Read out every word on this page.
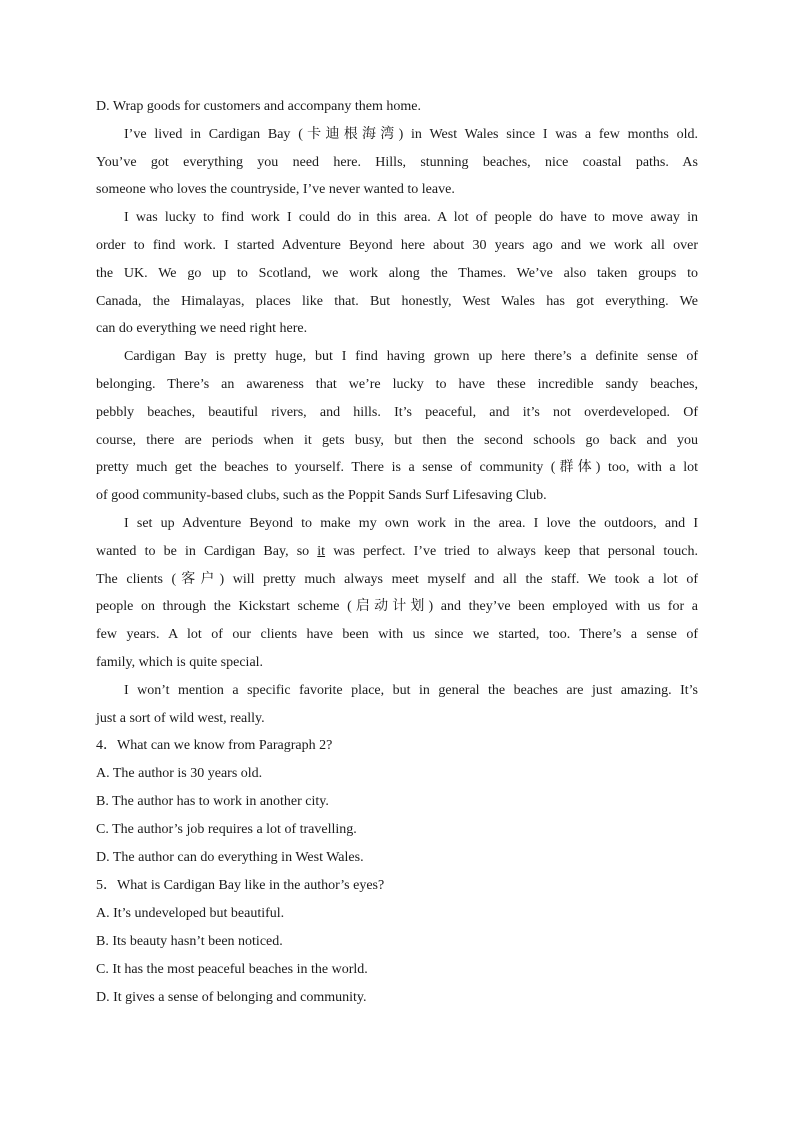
D. Wrap goods for customers and accompany them home.
I’ve lived in Cardigan Bay (卡迪根海湾) in West Wales since I was a few months old.
You’ve got everything you need here. Hills, stunning beaches, nice coastal paths. As
someone who loves the countryside, I’ve never wanted to leave.
I was lucky to find work I could do in this area. A lot of people do have to move away in
order to find work. I started Adventure Beyond here about 30 years ago and we work all over
the UK. We go up to Scotland, we work along the Thames. We’ve also taken groups to
Canada, the Himalayas, places like that. But honestly, West Wales has got everything. We
can do everything we need right here.
Cardigan Bay is pretty huge, but I find having grown up here there’s a definite sense of
belonging. There’s an awareness that we’re lucky to have these incredible sandy beaches,
pebbly beaches, beautiful rivers, and hills. It’s peaceful, and it’s not overdeveloped. Of
course, there are periods when it gets busy, but then the second schools go back and you
pretty much get the beaches to yourself. There is a sense of community (群体) too, with a lot
of good community-based clubs, such as the Poppit Sands Surf Lifesaving Club.
I set up Adventure Beyond to make my own work in the area. I love the outdoors, and I
wanted to be in Cardigan Bay, so it was perfect. I’ve tried to always keep that personal touch.
The clients (客户) will pretty much always meet myself and all the staff. We took a lot of
people on through the Kickstart scheme (启动计划) and they’ve been employed with us for a
few years. A lot of our clients have been with us since we started, too. There’s a sense of
family, which is quite special.
I won’t mention a specific favorite place, but in general the beaches are just amazing. It’s
just a sort of wild west, really.
4．What can we know from Paragraph 2?
A. The author is 30 years old.
B. The author has to work in another city.
C. The author’s job requires a lot of travelling.
D. The author can do everything in West Wales.
5．What is Cardigan Bay like in the author’s eyes?
A. It’s undeveloped but beautiful.
B. Its beauty hasn’t been noticed.
C. It has the most peaceful beaches in the world.
D. It gives a sense of belonging and community.
